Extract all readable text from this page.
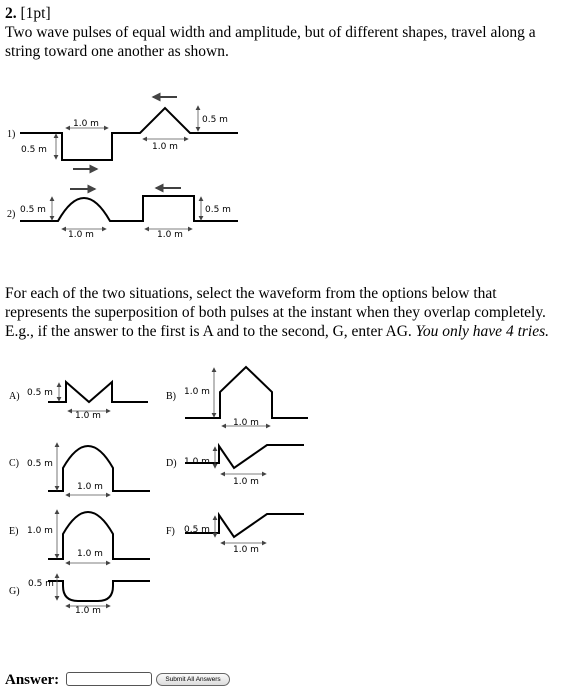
2. [1pt]
Two wave pulses of equal width and amplitude, but of different shapes, travel along a
string toward one another as shown.
1)
2)
1.0 m
1.0 m
0.5 m
0.5 m
1.0 m	1.0 m
0.5 m	0.5 m
A) 0.5 m
1.0 m
B) 1.0 m
1.0 m
C) 0.5 m
1.0 m
D) 1.0 m
1.0 m
E) 1.0 m
1.0 m
F) 0.5 m
1.0 m
G)
0.5 m
1.0 m
For each of the two situations, select the waveform from the options below that
represents the superposition of both pulses at the instant when they overlap completely.
E.g., if the answer to the first is A and to the second, G, enter AG. You only have 4 tries.
Answer:	Submit All Answers
